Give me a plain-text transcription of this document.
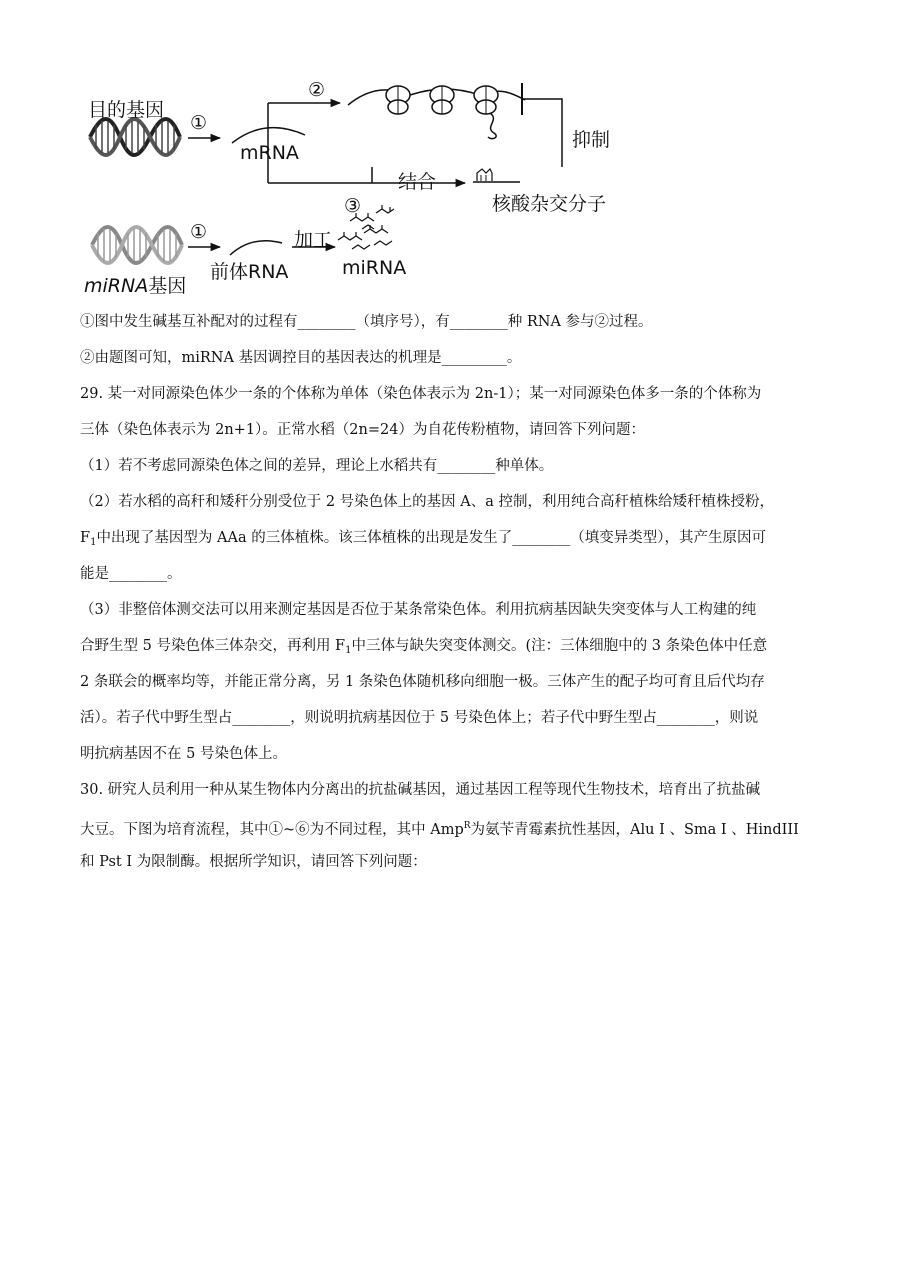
目的基因
①
mRNA
②
抑制
结合
③	核酸杂交分子
①	加工
前体RNA	miRNA
miRNA基因
①图中发生碱基互补配对的过程有________（填序号），有________种 RNA 参与②过程。
②由题图可知，miRNA 基因调控目的基因表达的机理是_________。
29. 某一对同源染色体少一条的个体称为单体（染色体表示为 2n-1）；某一对同源染色体多一条的个体称为
三体（染色体表示为 2n+1）。正常水稻（2n=24）为自花传粉植物，请回答下列问题：
（1）若不考虑同源染色体之间的差异，理论上水稻共有________种单体。
（2）若水稻的高秆和矮秆分别受位于 2 号染色体上的基因 A、a 控制，利用纯合高秆植株给矮秆植株授粉，
$F_1$中出现了基因型为 AAa 的三体植株。该三体植株的出现是发生了________（填变异类型），其产生原因可
能是________。
（3）非整倍体测交法可以用来测定基因是否位于某条常染色体。利用抗病基因缺失突变体与人工构建的纯
合野生型 5 号染色体三体杂交，再利用 $F_1$中三体与缺失突变体测交。(注：三体细胞中的 3 条染色体中任意
2 条联会的概率均等，并能正常分离，另 1 条染色体随机移向细胞一极。三体产生的配子均可育且后代均存
活）。若子代中野生型占________，则说明抗病基因位于 5 号染色体上；若子代中野生型占________，则说
明抗病基因不在 5 号染色体上。
30. 研究人员利用一种从某生物体内分离出的抗盐碱基因，通过基因工程等现代生物技术，培育出了抗盐碱
大豆。下图为培育流程，其中①~⑥为不同过程，其中 Amp$^R$为氨苄青霉素抗性基因，Alu I 、Sma I 、HindIII
和 Pst I 为限制酶。根据所学知识，请回答下列问题：
